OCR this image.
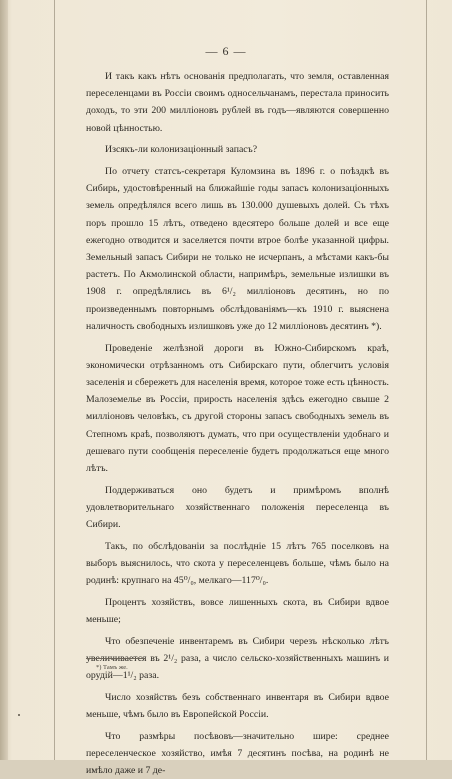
— 6 —

И такъ какъ нѣтъ основанія предполагать, что земля, оставленная переселенцами въ Россіи своимъ односельчанамъ, перестала приносить доходъ, то эти 200 милліоновъ рублей въ годъ—являются совершенно новой цѣнностью.

Изсякъ-ли колонизаціонный запасъ?

По отчету статсъ-секретаря Куломзина въ 1896 г. о поѣздкѣ въ Сибирь, удостовѣренный на ближайшіе годы запасъ колонизаціонныхъ земель опредѣлялся всего лишь въ 130.000 душевыхъ долей. Съ тѣхъ поръ прошло 15 лѣтъ, отведено вдесятеро больше долей и все еще ежегодно отводится и заселяется почти втрое болѣе указанной цифры. Земельный запасъ Сибири не только не исчерпанъ, а мѣстами какъ-бы растетъ. По Акмолинской области, напримѣръ, земельные излишки въ 1908 г. опредѣлялись въ 6¹/₂ милліоновъ десятинъ, но по произведеннымъ повторнымъ обслѣдованіямъ—къ 1910 г. выяснена наличность свободныхъ излишковъ уже до 12 милліоновъ десятинъ *).

Проведеніе желѣзной дороги въ Южно-Сибирскомъ краѣ, экономически отрѣзанномъ отъ Сибирскаго пути, облегчитъ условія заселенія и сбережетъ для населенія время, которое тоже есть цѣнность. Малоземелье въ Россіи, прирость населенія здѣсь ежегодно свыше 2 милліоновъ человѣкъ, съ другой стороны запасъ свободныхъ земель въ Степномъ краѣ, позволяютъ думать, что при осуществленіи удобнаго и дешеваго пути сообщенія переселеніе будетъ продолжаться еще много лѣтъ.

Поддерживаться оно будетъ и примѣромъ вполнѣ удовлетворительнаго хозяйственнаго положенія переселенца въ Сибири.

Такъ, по обслѣдованіи за послѣдніе 15 лѣтъ 765 поселковъ на выборъ выяснилось, что скота у переселенцевъ больше, чѣмъ было на родинѣ: крупнаго на 45⁰/₀, мелкаго—117⁰/₀.

Процентъ хозяйствъ, вовсе лишенныхъ скота, въ Сибири вдвое меньше;

Что обезпеченіе инвентаремъ въ Сибири черезъ нѣсколько лѣтъ увеличивается въ 2¹/₂ раза, а число сельско-хозяйственныхъ машинъ и орудій—1¹/₂ раза.

Число хозяйствъ безъ собственнаго инвентаря въ Сибири вдвое меньше, чѣмъ было въ Европейской Россіи.

Что размѣры посѣвовъ—значительно шире: среднее переселенческое хозяйство, имѣя 7 десятинъ посѣва, на родинѣ не имѣло даже и 7 де-

*) Тамъ же.
